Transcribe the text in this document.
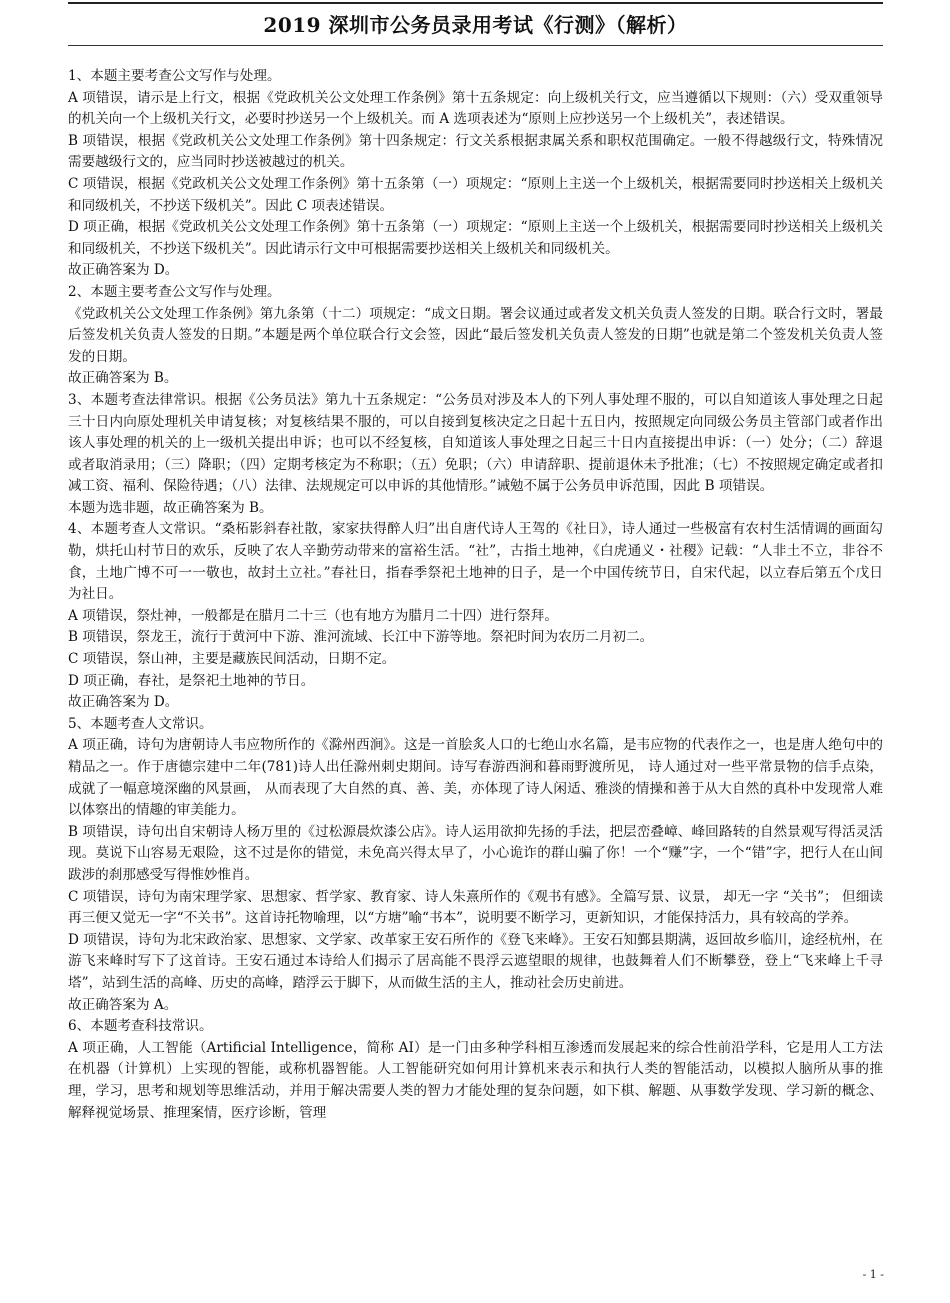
2019 深圳市公务员录用考试《行测》（解析）

1、本题主要考查公文写作与处理。

A 项错误，请示是上行文，根据《党政机关公文处理工作条例》第十五条规定：向上级机关行文，应当遵循以下规则：（六）受双重领导的机关向一个上级机关行文，必要时抄送另一个上级机关。而 A 选项表述为“原则上应抄送另一个上级机关”，表述错误。

B 项错误，根据《党政机关公文处理工作条例》第十四条规定：行文关系根据隶属关系和职权范围确定。一般不得越级行文，特殊情况需要越级行文的，应当同时抄送被越过的机关。

C 项错误，根据《党政机关公文处理工作条例》第十五条第（一）项规定：“原则上主送一个上级机关，根据需要同时抄送相关上级机关和同级机关，不抄送下级机关”。因此 C 项表述错误。

D 项正确，根据《党政机关公文处理工作条例》第十五条第（一）项规定：“原则上主送一个上级机关，根据需要同时抄送相关上级机关和同级机关，不抄送下级机关”。因此请示行文中可根据需要抄送相关上级机关和同级机关。

故正确答案为 D。

2、本题主要考查公文写作与处理。

《党政机关公文处理工作条例》第九条第（十二）项规定：“成文日期。署会议通过或者发文机关负责人签发的日期。联合行文时，署最后签发机关负责人签发的日期。”本题是两个单位联合行文会签，因此“最后签发机关负责人签发的日期”也就是第二个签发机关负责人签发的日期。

故正确答案为 B。

3、本题考查法律常识。根据《公务员法》第九十五条规定：“公务员对涉及本人的下列人事处理不服的，可以自知道该人事处理之日起三十日内向原处理机关申请复核；对复核结果不服的，可以自接到复核决定之日起十五日内，按照规定向同级公务员主管部门或者作出该人事处理的机关的上一级机关提出申诉；也可以不经复核，自知道该人事处理之日起三十日内直接提出申诉：（一）处分；（二）辞退或者取消录用；（三）降职；（四）定期考核定为不称职；（五）免职；（六）申请辞职、提前退休未予批准；（七）不按照规定确定或者扣减工资、福利、保险待遇；（八）法律、法规规定可以申诉的其他情形。”诫勉不属于公务员申诉范围，因此 B 项错误。

本题为选非题，故正确答案为 B。

4、本题考查人文常识。“桑柘影斜春社散，家家扶得醉人归”出自唐代诗人王驾的《社日》，诗人通过一些极富有农村生活情调的画面勾勒，烘托山村节日的欢乐，反映了农人辛勤劳动带来的富裕生活。“社”，古指土地神，《白虎通义・社稷》记载：“人非土不立，非谷不食，土地广博不可一一敬也，故封土立社。”春社日，指春季祭祀土地神的日子，是一个中国传统节日，自宋代起，以立春后第五个戊日为社日。

A 项错误，祭灶神，一般都是在腊月二十三（也有地方为腊月二十四）进行祭拜。

B 项错误，祭龙王，流行于黄河中下游、淮河流域、长江中下游等地。祭祀时间为农历二月初二。

C 项错误，祭山神，主要是藏族民间活动，日期不定。

D 项正确，春社，是祭祀土地神的节日。

故正确答案为 D。

5、本题考查人文常识。

A 项正确，诗句为唐朝诗人韦应物所作的《滁州西涧》。这是一首脍炙人口的七绝山水名篇，是韦应物的代表作之一，也是唐人绝句中的精品之一。作于唐德宗建中二年(781)诗人出任滁州刺史期间。诗写春游西涧和暮雨野渡所见， 诗人通过对一些平常景物的信手点染， 成就了一幅意境深幽的风景画， 从而表现了大自然的真、善、美，亦体现了诗人闲适、雅淡的情操和善于从大自然的真朴中发现常人难以体察出的情趣的审美能力。

B 项错误，诗句出自宋朝诗人杨万里的《过松源晨炊漆公店》。诗人运用欲抑先扬的手法，把层峦叠嶂、峰回路转的自然景观写得活灵活现。莫说下山容易无艰险，这不过是你的错觉，未免高兴得太早了，小心诡诈的群山骗了你！一个“赚”字，一个“错”字，把行人在山间跋涉的刹那感受写得惟妙惟肖。

C 项错误，诗句为南宋理学家、思想家、哲学家、教育家、诗人朱熹所作的《观书有感》。全篇写景、议景， 却无一字 “关书”； 但细读再三便又觉无一字“不关书”。这首诗托物喻理，以“方塘”喻“书本”，说明要不断学习，更新知识，才能保持活力，具有较高的学养。

D 项错误，诗句为北宋政治家、思想家、文学家、改革家王安石所作的《登飞来峰》。王安石知鄞县期满，返回故乡临川，途经杭州，在游飞来峰时写下了这首诗。王安石通过本诗给人们揭示了居高能不畏浮云遮望眼的规律，也鼓舞着人们不断攀登，登上“飞来峰上千寻塔”，站到生活的高峰、历史的高峰，踏浮云于脚下，从而做生活的主人，推动社会历史前进。

故正确答案为 A。

6、本题考查科技常识。

A 项正确，人工智能（Artificial Intelligence，简称 AI）是一门由多种学科相互渗透而发展起来的综合性前沿学科，它是用人工方法在机器（计算机）上实现的智能，或称机器智能。人工智能研究如何用计算机来表示和执行人类的智能活动，以模拟人脑所从事的推理，学习，思考和规划等思维活动，并用于解决需要人类的智力才能处理的复杂问题，如下棋、解题、从事数学发现、学习新的概念、解释视觉场景、推理案情，医疗诊断，管理

- 1 -
